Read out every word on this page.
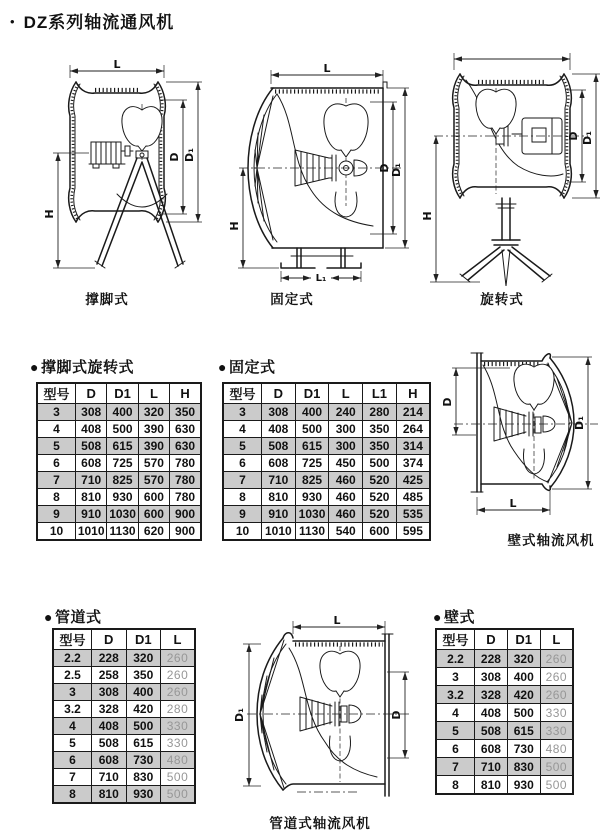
• DZ系列轴流通风机
L
D D₁
H
撑脚式
L
D D₁
H
L₁
固定式
D D₁
H
旋转式
● 撑脚式旋转式
型号	D	D1	L	H
3	308	400	320	350
4	408	500	390	630
5	508	615	390	630
6	608	725	570	780
7	710	825	570	780
8	810	930	600	780
9	910	1030	600	900
10	1010	1130	620	900
● 固定式
型号	D	D1	L	L1	H
3	308	400	240	280	214
4	408	500	300	350	264
5	508	615	300	350	314
6	608	725	450	500	374
7	710	825	460	520	425
8	810	930	460	520	485
9	910	1030	460	520	535
10	1010	1130	540	600	595
D
D₁
L
壁式轴流风机
● 管道式
型号	D	D1	L
2.2	228	320	260
2.5	258	350	260
3	308	400	260
3.2	328	420	280
4	408	500	330
5	508	615	330
6	608	730	480
7	710	830	500
8	810	930	500
L
D₁	D
管道式轴流风机
● 壁式
型号	D	D1	L
2.2	228	320	260
3	308	400	260
3.2	328	420	260
4	408	500	330
5	508	615	330
6	608	730	480
7	710	830	500
8	810	930	500
